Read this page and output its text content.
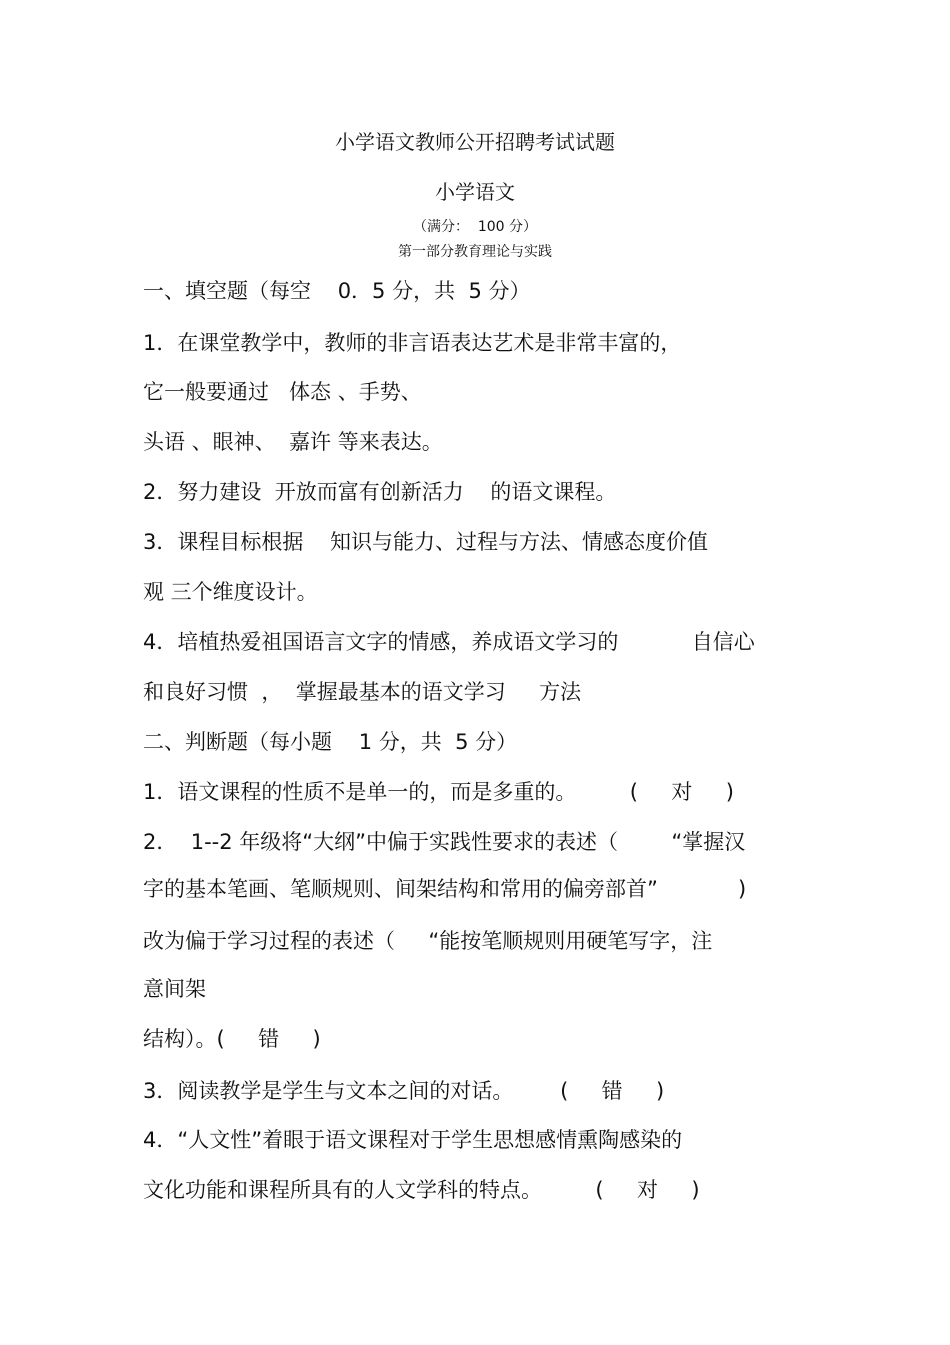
小学语文教师公开招聘考试试题
小学语文
（满分：  100 分）
第一部分教育理论与实践
一、填空题（每空    0．5 分，共  5 分）
1．在课堂教学中，教师的非言语表达艺术是非常丰富的，
它一般要通过   体态 、手势、
头语 、眼神、  嘉许 等来表达。
2．努力建设  开放而富有创新活力    的语文课程。
3．课程目标根据    知识与能力、过程与方法、情感态度价值
观 三个维度设计。
4．培植热爱祖国语言文字的情感，养成语文学习的           自信心
和良好习惯  ，  掌握最基本的语文学习     方法
二、判断题（每小题    1 分，共  5 分）
1．语文课程的性质不是单一的，而是多重的。        (     对     )
2．  1--2 年级将“大纲”中偏于实践性要求的表述（        “掌握汉
字的基本笔画、笔顺规则、间架结构和常用的偏旁部首”            )
改为偏于学习过程的表述（     “能按笔顺规则用硬笔写字，注
意间架
结构）。(     错     )
3．阅读教学是学生与文本之间的对话。       (     错     )
4．“人文性”着眼于语文课程对于学生思想感情熏陶感染的
文化功能和课程所具有的人文学科的特点。        (     对     )
